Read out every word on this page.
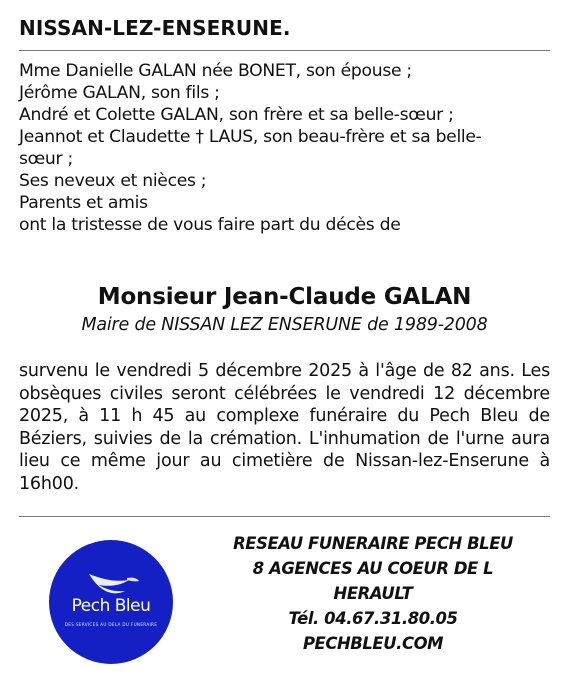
NISSAN-LEZ-ENSERUNE.
Mme Danielle GALAN née BONET, son épouse ;
Jérôme GALAN, son fils ;
André et Colette GALAN, son frère et sa belle-sœur ;
Jeannot et Claudette † LAUS, son beau-frère et sa belle-
sœur ;
Ses neveux et nièces ;
Parents et amis
ont la tristesse de vous faire part du décès de
Monsieur Jean-Claude GALAN
Maire de NISSAN LEZ ENSERUNE de 1989-2008
survenu le vendredi 5 décembre 2025 à l'âge de 82 ans. Les obsèques civiles seront célébrées le vendredi 12 décembre 2025, à 11 h 45 au complexe funéraire du Pech Bleu de Béziers, suivies de la crémation. L'inhumation de l'urne aura lieu ce même jour au cimetière de Nissan-lez-Enserune à 16h00.
Pech Bleu
DES SERVICES AU DELA DU FUNERAIRE
RESEAU FUNERAIRE PECH BLEU
8 AGENCES AU COEUR DE L
HERAULT
Tél. 04.67.31.80.05
PECHBLEU.COM
